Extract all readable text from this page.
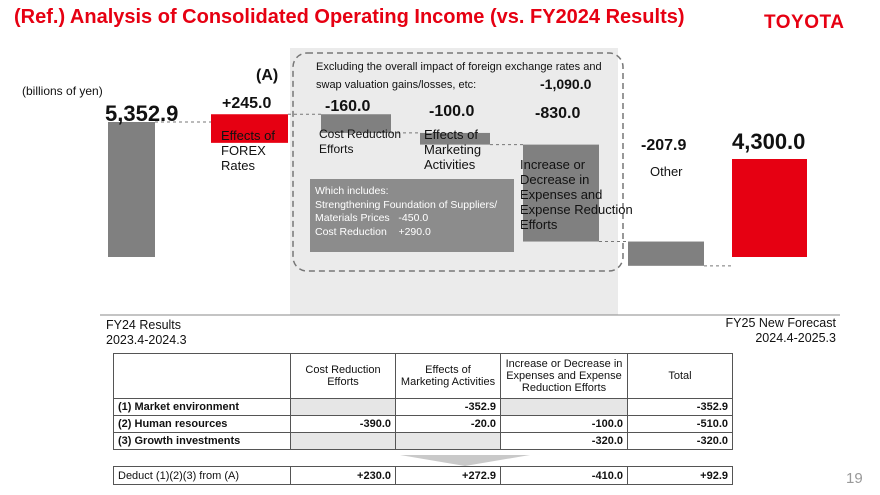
(Ref.) Analysis of Consolidated Operating Income (vs. FY2024 Results)	TOYOTA
(billions of yen)
(A)	Excluding the overall impact of foreign exchange rates and swap valuation gains/losses, etc:	-1,090.0
5,352.9	+245.0	-160.0	-100.0	-830.0
-207.9 4,300.0
Effects of FOREX Rates
Cost Reduction Efforts
Effects of Marketing Activities	Increase or Decrease in Expenses and Expense Reduction Efforts
Other
Which includes:
Strengthening Foundation of Suppliers/
Materials Prices   -450.0
Cost Reduction    +290.0
FY24 Results
2023.4-2024.3
FY25 New Forecast
2024.4-2025.3
	Cost Reduction Efforts	Effects of Marketing Activities	Increase or Decrease in Expenses and Expense Reduction Efforts	Total
(1) Market environment		-352.9		-352.9
(2) Human resources	-390.0	-20.0	-100.0	-510.0
(3) Growth investments			-320.0	-320.0
Deduct (1)(2)(3) from (A)	+230.0	+272.9	-410.0	+92.9	19
